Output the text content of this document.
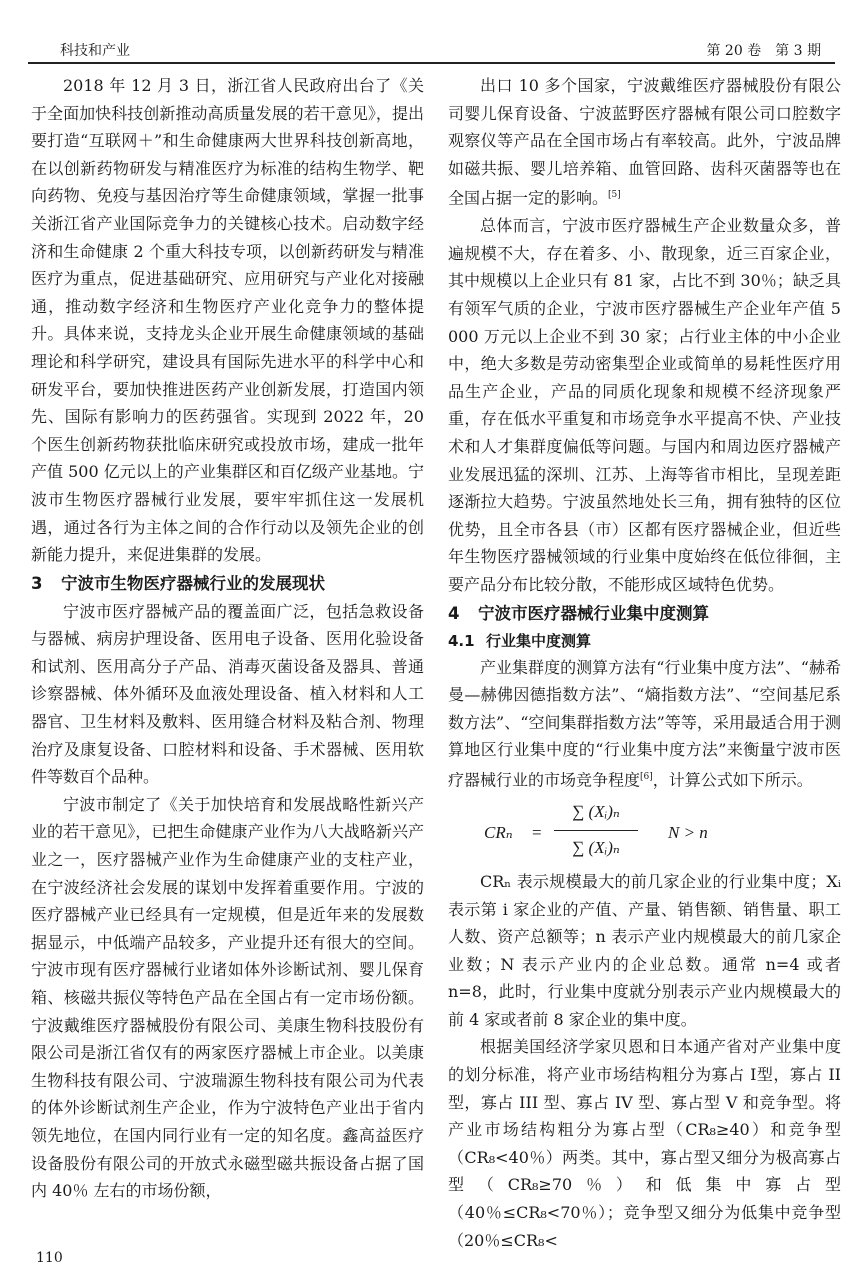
科技和产业	第 20 卷　第 3 期

2018 年 12 月 3 日，浙江省人民政府出台了《关于全面加快科技创新推动高质量发展的若干意见》，提出要打造“互联网＋”和生命健康两大世界科技创新高地，在以创新药物研发与精准医疗为标准的结构生物学、靶向药物、免疫与基因治疗等生命健康领域，掌握一批事关浙江省产业国际竞争力的关键核心技术。启动数字经济和生命健康 2 个重大科技专项，以创新药研发与精准医疗为重点，促进基础研究、应用研究与产业化对接融通，推动数字经济和生物医疗产业化竞争力的整体提升。具体来说，支持龙头企业开展生命健康领域的基础理论和科学研究，建设具有国际先进水平的科学中心和研发平台，要加快推进医药产业创新发展，打造国内领先、国际有影响力的医药强省。实现到 2022 年，20 个医生创新药物获批临床研究或投放市场，建成一批年产值 500 亿元以上的产业集群区和百亿级产业基地。宁波市生物医疗器械行业发展，要牢牢抓住这一发展机遇，通过各行为主体之间的合作行动以及领先企业的创新能力提升，来促进集群的发展。

3 宁波市生物医疗器械行业的发展现状

宁波市医疗器械产品的覆盖面广泛，包括急救设备与器械、病房护理设备、医用电子设备、医用化验设备和试剂、医用高分子产品、消毒灭菌设备及器具、普通诊察器械、体外循环及血液处理设备、植入材料和人工器官、卫生材料及敷料、医用缝合材料及粘合剂、物理治疗及康复设备、口腔材料和设备、手术器械、医用软件等数百个品种。

宁波市制定了《关于加快培育和发展战略性新兴产业的若干意见》，已把生命健康产业作为八大战略新兴产业之一，医疗器械产业作为生命健康产业的支柱产业，在宁波经济社会发展的谋划中发挥着重要作用。宁波的医疗器械产业已经具有一定规模，但是近年来的发展数据显示，中低端产品较多，产业提升还有很大的空间。宁波市现有医疗器械行业诸如体外诊断试剂、婴儿保育箱、核磁共振仪等特色产品在全国占有一定市场份额。宁波戴维医疗器械股份有限公司、美康生物科技股份有限公司是浙江省仅有的两家医疗器械上市企业。以美康生物科技有限公司、宁波瑞源生物科技有限公司为代表的体外诊断试剂生产企业，作为宁波特色产业出于省内领先地位，在国内同行业有一定的知名度。鑫高益医疗设备股份有限公司的开放式永磁型磁共振设备占据了国内 40％ 左右的市场份额，

出口 10 多个国家，宁波戴维医疗器械股份有限公司婴儿保育设备、宁波蓝野医疗器械有限公司口腔数字观察仪等产品在全国市场占有率较高。此外，宁波品牌如磁共振、婴儿培养箱、血管回路、齿科灭菌器等也在全国占据一定的影响。[5]

总体而言，宁波市医疗器械生产企业数量众多，普遍规模不大，存在着多、小、散现象，近三百家企业，其中规模以上企业只有 81 家，占比不到 30％；缺乏具有领军气质的企业，宁波市医疗器械生产企业年产值 5 000 万元以上企业不到 30 家；占行业主体的中小企业中，绝大多数是劳动密集型企业或简单的易耗性医疗用品生产企业，产品的同质化现象和规模不经济现象严重，存在低水平重复和市场竞争水平提高不快、产业技术和人才集群度偏低等问题。与国内和周边医疗器械产业发展迅猛的深圳、江苏、上海等省市相比，呈现差距逐渐拉大趋势。宁波虽然地处长三角，拥有独特的区位优势，且全市各县（市）区都有医疗器械企业，但近些年生物医疗器械领域的行业集中度始终在低位徘徊，主要产品分布比较分散，不能形成区域特色优势。

4 宁波市医疗器械行业集中度测算
4.1 行业集中度测算

产业集群度的测算方法有“行业集中度方法”、“赫希曼—赫佛因德指数方法”、“熵指数方法”、“空间基尼系数方法”、“空间集群指数方法”等等，采用最适合用于测算地区行业集中度的“行业集中度方法”来衡量宁波市医疗器械行业的市场竞争程度[6]，计算公式如下所示。

CRₙ =
∑ (Xᵢ)ₙ
∑ (Xᵢ)ₙ
N > n

CRₙ 表示规模最大的前几家企业的行业集中度；Xᵢ 表示第 i 家企业的产值、产量、销售额、销售量、职工人数、资产总额等；n 表示产业内规模最大的前几家企业数；N 表示产业内的企业总数。通常 n=4 或者 n=8，此时，行业集中度就分别表示产业内规模最大的前 4 家或者前 8 家企业的集中度。

根据美国经济学家贝恩和日本通产省对产业集中度的划分标准，将产业市场结构粗分为寡占 I型，寡占 II 型，寡占 III 型、寡占 IV 型、寡占型 V 和竞争型。将产业市场结构粗分为寡占型（CR₈≥40）和竞争型（CR₈<40％）两类。其中，寡占型又细分为极高寡占型（CR₈≥70％）和低集中寡占型（40％≤CR₈<70％）；竞争型又细分为低集中竞争型（20％≤CR₈<

110
